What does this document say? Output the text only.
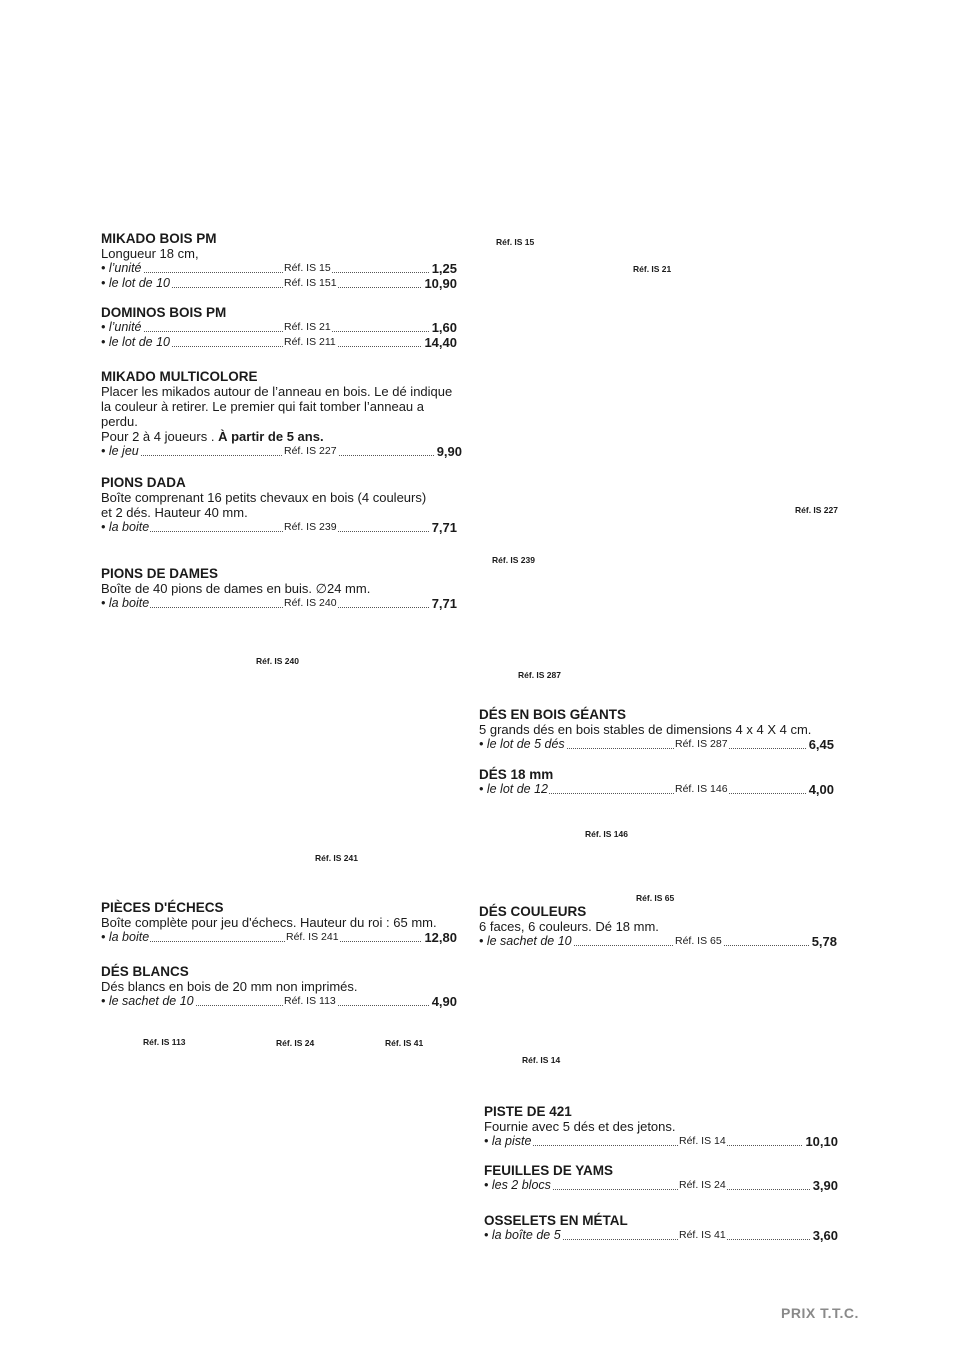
MIKADO BOIS PM

Longueur 18 cm,

• l’unité	Réf. IS 15	1,25
• le lot de 10	Réf. IS 151	10,90

DOMINOS BOIS PM

• l’unité	Réf. IS 21	1,60
• le lot de 10	Réf. IS 211	14,40

MIKADO MULTICOLORE

Placer les mikados autour de l’anneau en bois. Le dé indique

la couleur à retirer. Le premier qui fait tomber l’anneau a perdu.

Pour 2 à 4 joueurs . À partir de 5 ans.

• le jeu	Réf. IS 227	9,90

PIONS DADA

Boîte comprenant 16 petits chevaux en bois (4 couleurs)

et 2 dés. Hauteur 40 mm.

• la boite	Réf. IS 239	7,71

PIONS DE DAMES

Boîte de 40 pions de dames en buis. ∅24 mm.

• la boite	Réf. IS 240	7,71

PIÈCES D'ÉCHECS

Boîte complète pour jeu d'échecs. Hauteur du roi : 65 mm.

• la boite	Réf. IS 241	12,80

DÉS BLANCS

Dés blancs en bois de 20 mm non imprimés.

• le sachet de 10	Réf. IS 113	4,90

DÉS EN BOIS GÉANTS

5 grands dés en bois stables de dimensions 4 x 4 X 4 cm.

• le lot de 5 dés	Réf. IS 287	6,45

DÉS 18 mm

• le lot de 12	Réf. IS 146	4,00

DÉS COULEURS

6 faces, 6 couleurs. Dé 18 mm.

• le sachet de 10	Réf. IS 65	5,78

PISTE DE 421

Fournie avec 5 dés et des jetons.

• la piste	Réf. IS 14	10,10

FEUILLES DE YAMS

• les 2 blocs	Réf. IS 24	3,90

OSSELETS EN MÉTAL

• la boîte de 5	Réf. IS 41	3,60
Réf. IS 15
Réf. IS 21
Réf. IS 227
Réf. IS 239
Réf. IS 240
Réf. IS 287
Réf. IS 146
Réf. IS 241
Réf. IS 65
Réf. IS 113	Réf. IS 24	Réf. IS 41
Réf. IS 14
PRIX T.T.C.
